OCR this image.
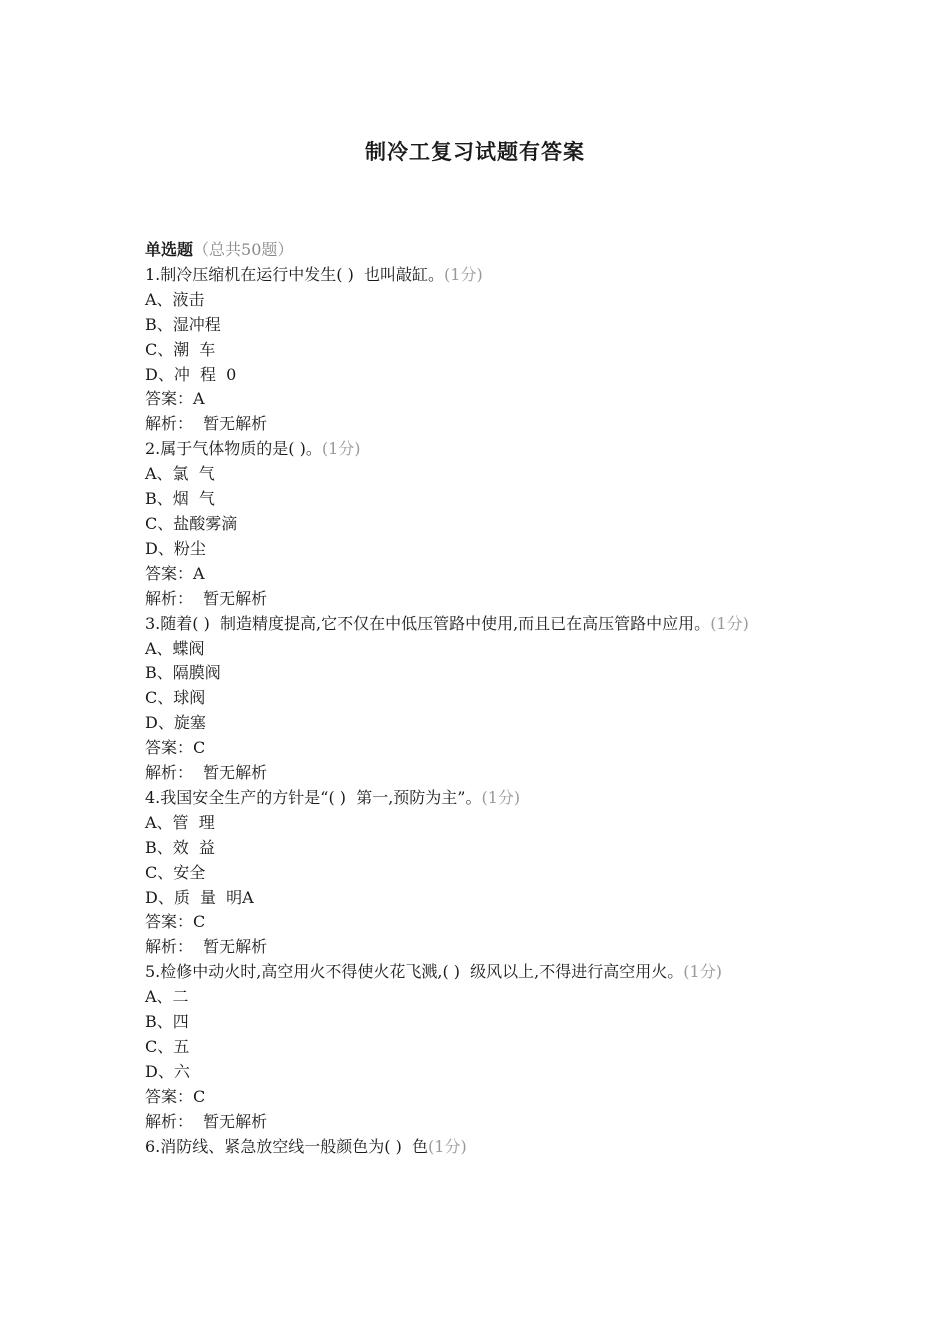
制冷工复习试题有答案
单选题（总共50题）
1.制冷压缩机在运行中发生( )  也叫敲缸。(1分)
A、液击
B、湿冲程
C、潮  车
D、冲  程  0
答案：A
解析：  暂无解析
2.属于气体物质的是( )。(1分)
A、氯  气
B、烟  气
C、盐酸雾滴
D、粉尘
答案：A
解析：  暂无解析
3.随着( )  制造精度提高,它不仅在中低压管路中使用,而且已在高压管路中应用。(1分)
A、蝶阀
B、隔膜阀
C、球阀
D、旋塞
答案：C
解析：  暂无解析
4.我国安全生产的方针是“( )  第一,预防为主”。(1分)
A、管  理
B、效  益
C、安全
D、质  量  明A
答案：C
解析：  暂无解析
5.检修中动火时,高空用火不得使火花飞溅,( )  级风以上,不得进行高空用火。(1分)
A、二
B、四
C、五
D、六
答案：C
解析：  暂无解析
6.消防线、紧急放空线一般颜色为( )  色(1分)
